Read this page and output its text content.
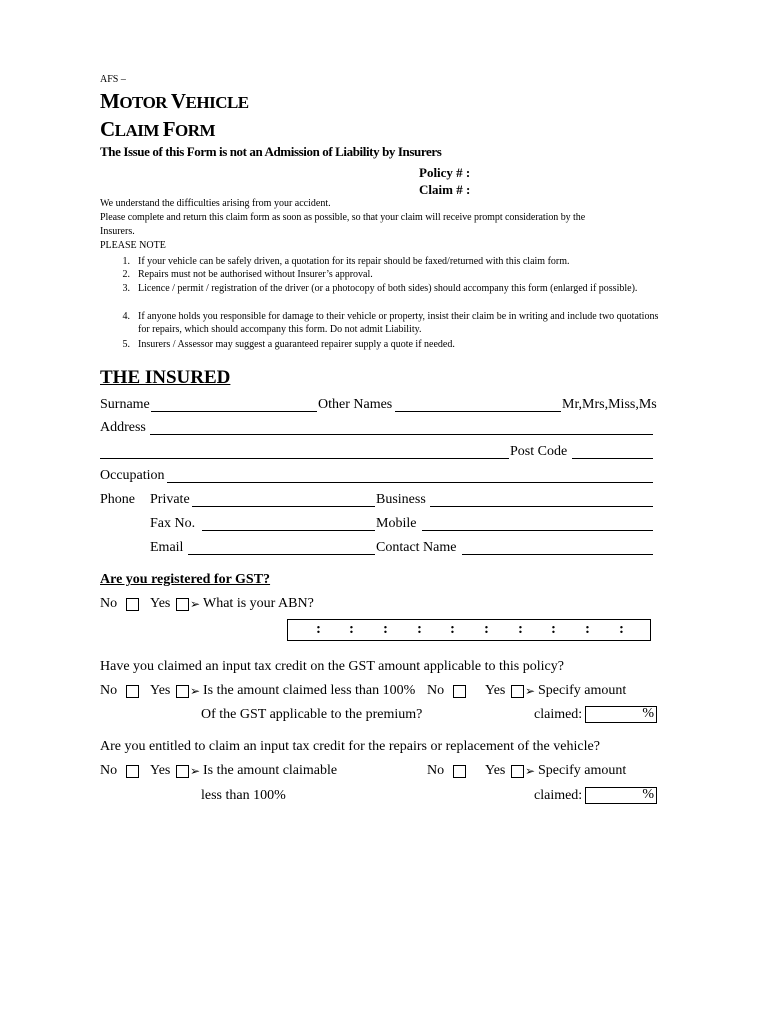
AFS –
MOTOR VEHICLE
CLAIM FORM
The Issue of this Form is not an Admission of Liability by Insurers
Policy # :
Claim # :
We understand the difficulties arising from your accident.
Please complete and return this claim form as soon as possible, so that your claim will receive prompt consideration by the
Insurers.
PLEASE NOTE
1. If your vehicle can be safely driven, a quotation for its repair should be faxed/returned with this claim form.
2. Repairs must not be authorised without Insurer’s approval.
3. Licence / permit / registration of the driver (or a photocopy of both sides) should accompany this form (enlarged if possible).
4. If anyone holds you responsible for damage to their vehicle or property, insist their claim be in writing and include two quotations for repairs, which should accompany this form. Do not admit Liability.
5. Insurers / Assessor may suggest a guaranteed repairer supply a quote if needed.
THE INSURED
Surname	Other Names	Mr,Mrs,Miss,Ms
Address
Post Code
Occupation
Phone Private	Business
Fax No.	Mobile
Email	Contact Name
Are you registered for GST?
No Yes ➢ What is your ABN?
: : : : : : : : : :
Have you claimed an input tax credit on the GST amount applicable to this policy?
No Yes ➢ Is the amount claimed less than 100% No	Yes ➢ Specify amount
Of the GST applicable to the premium?	claimed:	%
Are you entitled to claim an input tax credit for the repairs or replacement of the vehicle?
No Yes ➢ Is the amount claimable	No	Yes ➢ Specify amount
less than 100%	claimed:	%
